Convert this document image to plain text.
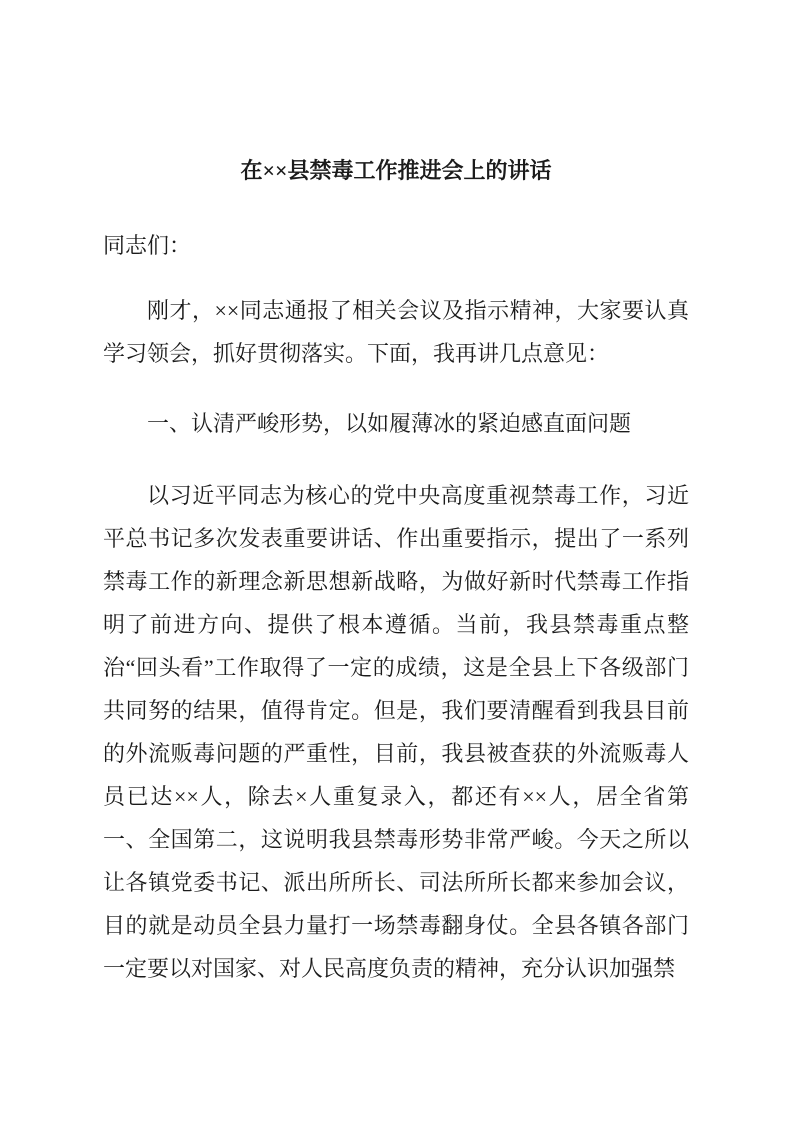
在××县禁毒工作推进会上的讲话

同志们：

刚才，××同志通报了相关会议及指示精神，大家要认真学习领会，抓好贯彻落实。下面，我再讲几点意见：

一、认清严峻形势，以如履薄冰的紧迫感直面问题

以习近平同志为核心的党中央高度重视禁毒工作，习近平总书记多次发表重要讲话、作出重要指示，提出了一系列禁毒工作的新理念新思想新战略，为做好新时代禁毒工作指明了前进方向、提供了根本遵循。当前，我县禁毒重点整治“回头看”工作取得了一定的成绩，这是全县上下各级部门共同努的结果，值得肯定。但是，我们要清醒看到我县目前的外流贩毒问题的严重性，目前，我县被查获的外流贩毒人员已达××人，除去×人重复录入，都还有××人，居全省第一、全国第二，这说明我县禁毒形势非常严峻。今天之所以让各镇党委书记、派出所所长、司法所所长都来参加会议，目的就是动员全县力量打一场禁毒翻身仗。全县各镇各部门一定要以对国家、对人民高度负责的精神，充分认识加强禁
